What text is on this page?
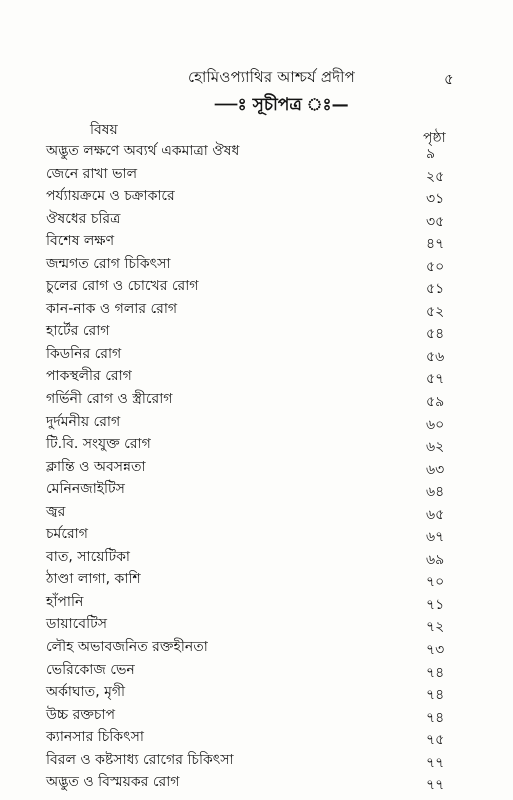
হোমিওপ্যাথির আশ্চর্য প্রদীপ	৫
—ঃ সূচীপত্র ঃ—
বিষয়	পৃষ্ঠা
অদ্ভুত লক্ষণে অব্যর্থ একমাত্রা ঔষধ	৯
জেনে রাখা ভাল	২৫
পর্য্যায়ক্রমে ও চক্রাকারে	৩১
ঔষধের চরিত্র	৩৫
বিশেষ লক্ষণ	৪৭
জন্মগত রোগ চিকিৎসা	৫০
চুলের রোগ ও চোখের রোগ	৫১
কান-নাক ও গলার রোগ	৫২
হার্টের রোগ	৫৪
কিডনির রোগ	৫৬
পাকস্থলীর রোগ	৫৭
গর্ভিনী রোগ ও স্ত্রীরোগ	৫৯
দুর্দমনীয় রোগ	৬০
টি.বি. সংযুক্ত রোগ	৬২
ক্লান্তি ও অবসন্নতা	৬৩
মেনিনজাইটিস	৬৪
জ্বর	৬৫
চর্মরোগ	৬৭
বাত, সায়েটিকা	৬৯
ঠাণ্ডা লাগা, কাশি	৭০
হাঁপানি	৭১
ডায়াবেটিস	৭২
লৌহ অভাবজনিত রক্তহীনতা	৭৩
ভেরিকোজ ভেন	৭৪
অর্কাঘাত, মৃগী	৭৪
উচ্চ রক্তচাপ	৭৪
ক্যানসার চিকিৎসা	৭৫
বিরল ও কষ্টসাধ্য রোগের চিকিৎসা	৭৭
অদ্ভুত ও বিস্ময়কর রোগ	৭৭
